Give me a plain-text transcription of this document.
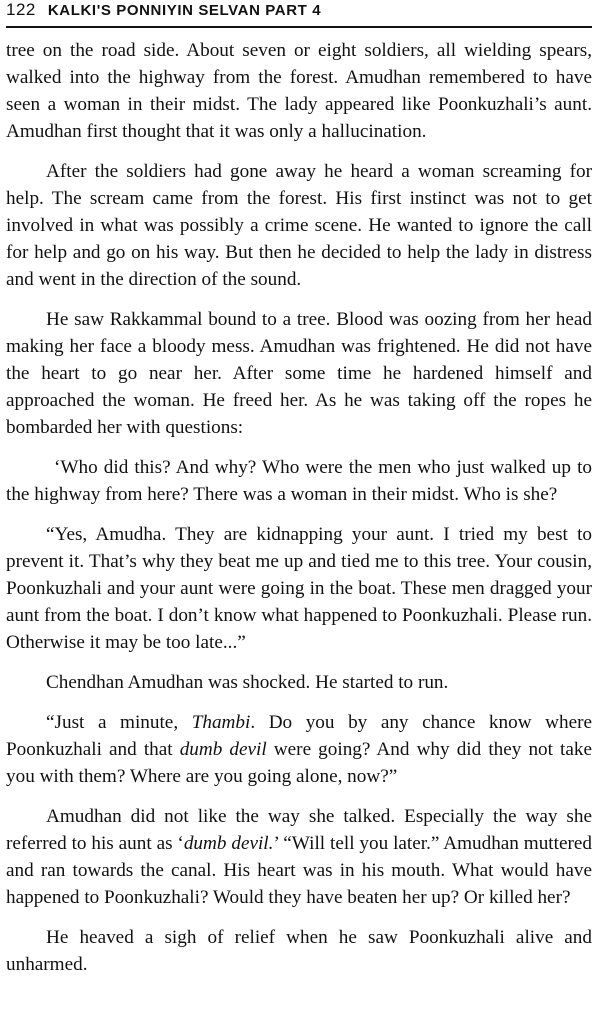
122 KALKI'S PONNIYIN SELVAN PART 4

tree on the road side. About seven or eight soldiers, all wielding spears, walked into the highway from the forest. Amudhan remembered to have seen a woman in their midst. The lady appeared like Poonkuzhali’s aunt. Amudhan first thought that it was only a hallucination.

After the soldiers had gone away he heard a woman screaming for help. The scream came from the forest. His first instinct was not to get involved in what was possibly a crime scene. He wanted to ignore the call for help and go on his way. But then he decided to help the lady in distress and went in the direction of the sound.

He saw Rakkammal bound to a tree. Blood was oozing from her head making her face a bloody mess. Amudhan was frightened. He did not have the heart to go near her. After some time he hardened himself and approached the woman. He freed her. As he was taking off the ropes he bombarded her with questions:

‘Who did this? And why? Who were the men who just walked up to the highway from here? There was a woman in their midst. Who is she?

“Yes, Amudha. They are kidnapping your aunt. I tried my best to prevent it. That’s why they beat me up and tied me to this tree. Your cousin, Poonkuzhali and your aunt were going in the boat. These men dragged your aunt from the boat. I don’t know what happened to Poonkuzhali. Please run. Otherwise it may be too late...”

Chendhan Amudhan was shocked. He started to run.

“Just a minute, Thambi. Do you by any chance know where Poonkuzhali and that dumb devil were going? And why did they not take you with them? Where are you going alone, now?”

Amudhan did not like the way she talked. Especially the way she referred to his aunt as ‘dumb devil.’ “Will tell you later.” Amudhan muttered and ran towards the canal. His heart was in his mouth. What would have happened to Poonkuzhali? Would they have beaten her up? Or killed her?

He heaved a sigh of relief when he saw Poonkuzhali alive and unharmed.
